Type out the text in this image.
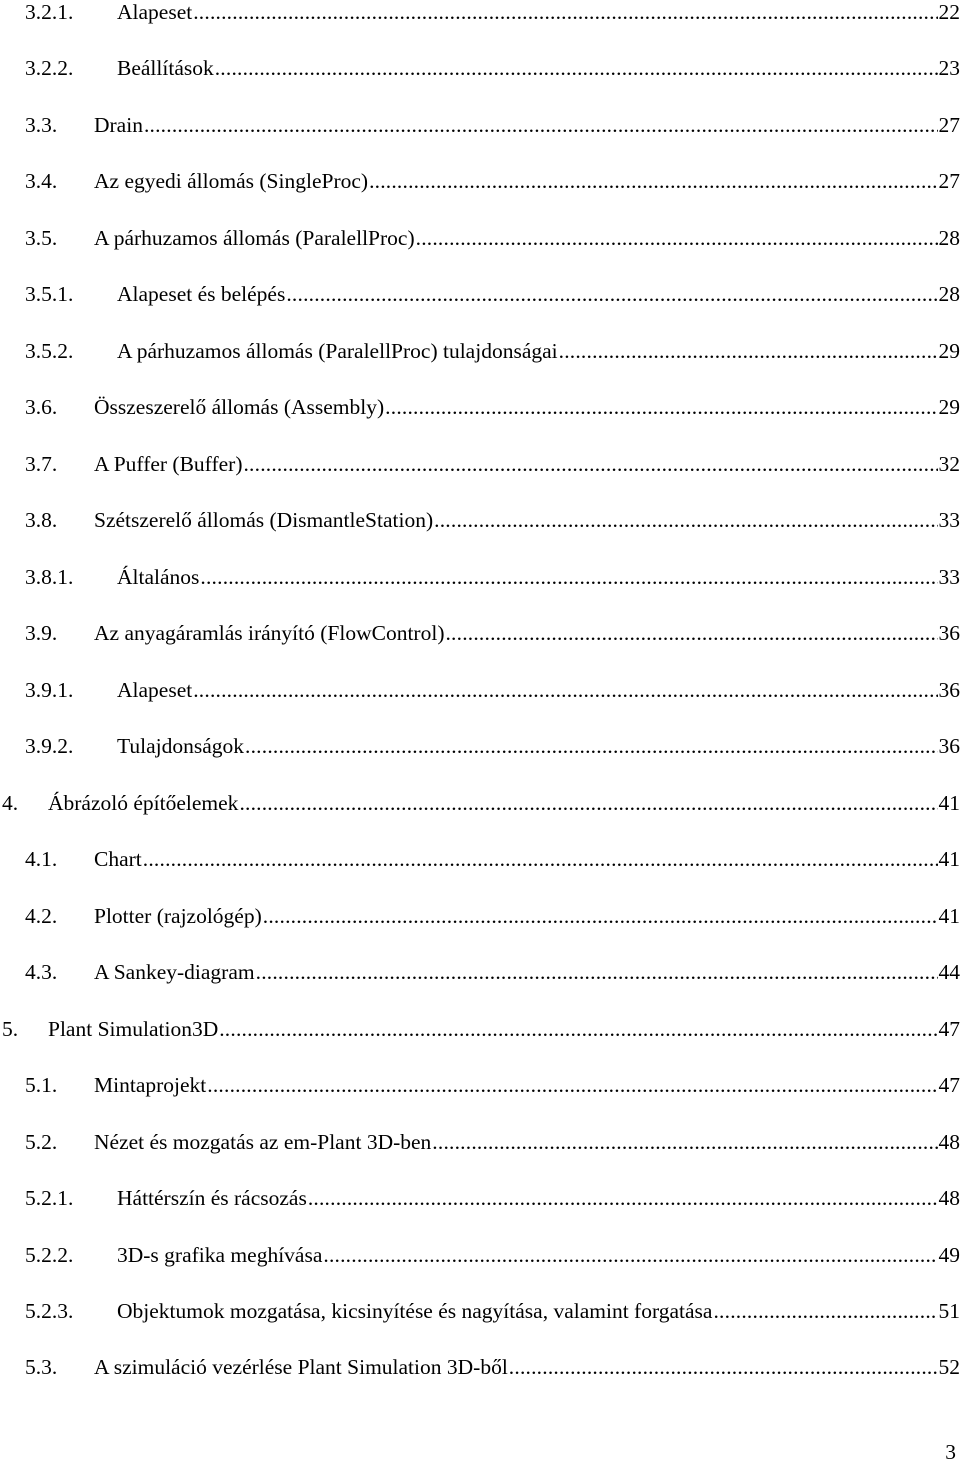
3.2.1. Alapeset .....	22
3.2.2. Beállítások .....	23
3.3. Drain .....	27
3.4. Az egyedi állomás (SingleProc) .....	27
3.5. A párhuzamos állomás (ParalellProc) .....	28
3.5.1. Alapeset és belépés .....	28
3.5.2. A párhuzamos állomás (ParalellProc) tulajdonságai .....	29
3.6. Összeszerelő állomás (Assembly) .....	29
3.7. A Puffer (Buffer) .....	32
3.8. Szétszerelő állomás (DismantleStation) .....	33
3.8.1. Általános .....	33
3.9. Az anyagáramlás irányító (FlowControl) .....	36
3.9.1. Alapeset .....	36
3.9.2. Tulajdonságok .....	36
4. Ábrázoló építőelemek .....	41
4.1. Chart .....	41
4.2. Plotter (rajzológép) .....	41
4.3. A Sankey-diagram .....	44
5. Plant Simulation3D .....	47
5.1. Mintaprojekt .....	47
5.2. Nézet és mozgatás az em-Plant 3D-ben .....	48
5.2.1. Háttérszín és rácsozás .....	48
5.2.2. 3D-s grafika meghívása .....	49
5.2.3. Objektumok mozgatása, kicsinyítése és nagyítása, valamint forgatása .....	51
5.3. A szimuláció vezérlése Plant Simulation 3D-ből .....	52
3
